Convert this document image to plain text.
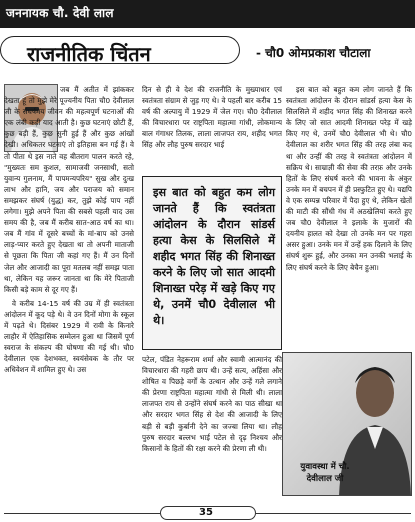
जननायक चौ. देवी लाल
राजनीतिक चिंतन	- चौ0 ओमप्रकाश चौटाला

जब मैं अतीत में झांककर देखता हूं तो मुझे मेरे पूज्यनीय पिता चौ0 देवीलाल जी के संघर्षमय जीवन की महत्वपूर्ण घटनाओं की एक लंबी कड़ी याद आती है। कुछ घटनाएं छोटी हैं, कुछ बड़ी हैं, कुछ सुनी हुई हैं और कुछ आंखों देखी। अधिकतर घटनाएं तो इतिहास बन गई हैं। वे तो पीता थे इस नाते वह बीतराग पालन करते रहे, "मुख्यतः सम कुशल, सामाजवी जनसाथी, सतो युवान्य गुलनाम, मैं पापमन्यपरिय" सुख और दुःख लाभ और हानि, जय और पराजय को समान समझकर संघर्ष (युद्ध) कर, तुझे कोई पाप नहीं लगेगा। मुझे अपने पिता की सबसे पहली याद उस समय की है, जब मैं करीब सात-आठ वर्ष का था। जब मैं गांव में दूसरे बच्चों के मां-बाप को उनसे लाड़-प्यार करते हुए देखता था तो अपनी माताजी से पूछता कि पिता जी कहां गए हैं। मैं उन दिनों जेल और आजादी का पूरा मतलब नहीं समझ पाता था, लेकिन यह जरूर जानता था कि मेरे पिताजी किसी बड़े काम से दूर गए हैं।

वे करीब 14-15 वर्ष की उम्र में ही स्वतंत्रता आंदोलन में कूद पड़े थे। वे उन दिनों मोगा के स्कूल में पढ़ते थे। दिसंबर 1929 में रावी के किनारे लाहौर में ऐतिहासिक सम्मेलन हुआ था जिसमें पूर्ण स्वराज के संकल्प की घोषणा की गई थी। चौ0 देवीलाल एक देशभक्त, स्वयंसेवक के तौर पर अधिवेशन में शामिल हुए थे। उस

दिन से ही वे देश की राजनीति के मुख्याधार एवं स्वतंत्रता संग्राम से जुड़ गए थे। वे पहली बार करीब 15 वर्ष की अल्पायु में 1929 में जेल गए। चौ0 देवीलाल की विचारधारा पर राष्ट्रपिता महात्मा गांधी, लोकमान्य बाल गंगाधर तिलक, लाला लाजपत राय, शहीद भगत सिंह और लौह पुरुष सरदार भाई

इस बात को बहुत कम लोग जानते हैं कि स्वतंत्रता आंदोलन के दौरान सांडर्स हत्या केस के सिलसिले में शहीद भगत सिंह की शिनाख्त करने के लिए जो सात आदमी शिनाख्त परेड़ में खड़े किए गए थे, उनमें चौ0 देवीलाल भी थे।

पटेल, पंडित नेहरूराम शर्मा और स्वामी आत्मानंद की विचारधारा की गहरी छाप थी। उन्हें सत्य, अहिंसा और शोषित व पिछड़े वर्गों के उत्थान और उन्हें गले लगाने की प्रेरणा राष्ट्रपिता महात्मा गांधी से मिली थी। लाला लाजपत राय से उन्होंने संघर्ष करने का पाठ सीखा था और सरदार भगत सिंह से देश की आजादी के लिए बड़ी से बड़ी कुर्बानी देने का जज्बा लिया था। लौह पुरुष सरदार बल्लभ भाई पटेल से दृढ़ निश्चय और किसानों के हितों की रक्षा करने की प्रेरणा ली थी।

इस बात को बहुत कम लोग जानते हैं कि स्वतंत्रता आंदोलन के दौरान सांडर्स हत्या केस के सिलसिले में शहीद भगत सिंह की शिनाख्त करने के लिए जो सात आदमी शिनाख्त परेड़ में खड़े किए गए थे, उनमें चौ0 देवीलाल भी थे। चौ0 देवीलाल का शरीर भगत सिंह की तरह लंबा कद था और उन्हीं की तरह वे स्वतंत्रता आंदोलन में सक्रिय थे। साम्राज्ञी की सेवा की तरफ़ और उनके हितों के लिए संघर्ष करने की भावना के अंकुर उनके मन में बचपन में ही प्रस्फुटित हुए थे। यद्यपि वे एक सम्पन्न परिवार में पैदा हुए थे, लेकिन खेतों की माटी की सौंधी गंध में अठखेलियां करते हुए जब चौ0 देवीलाल ने इलाके के मुजारों की दयनीय हालत को देखा तो उनके मन पर गहरा असर हुआ। उनके मन में उन्हें हक दिलाने के लिए संघर्ष शुरू हुई, और उनका मन उनकी भलाई के लिए संघर्ष करने के लिए बेचैन हुआ।

युवावस्था में चौ. देवीलाल जी
35
